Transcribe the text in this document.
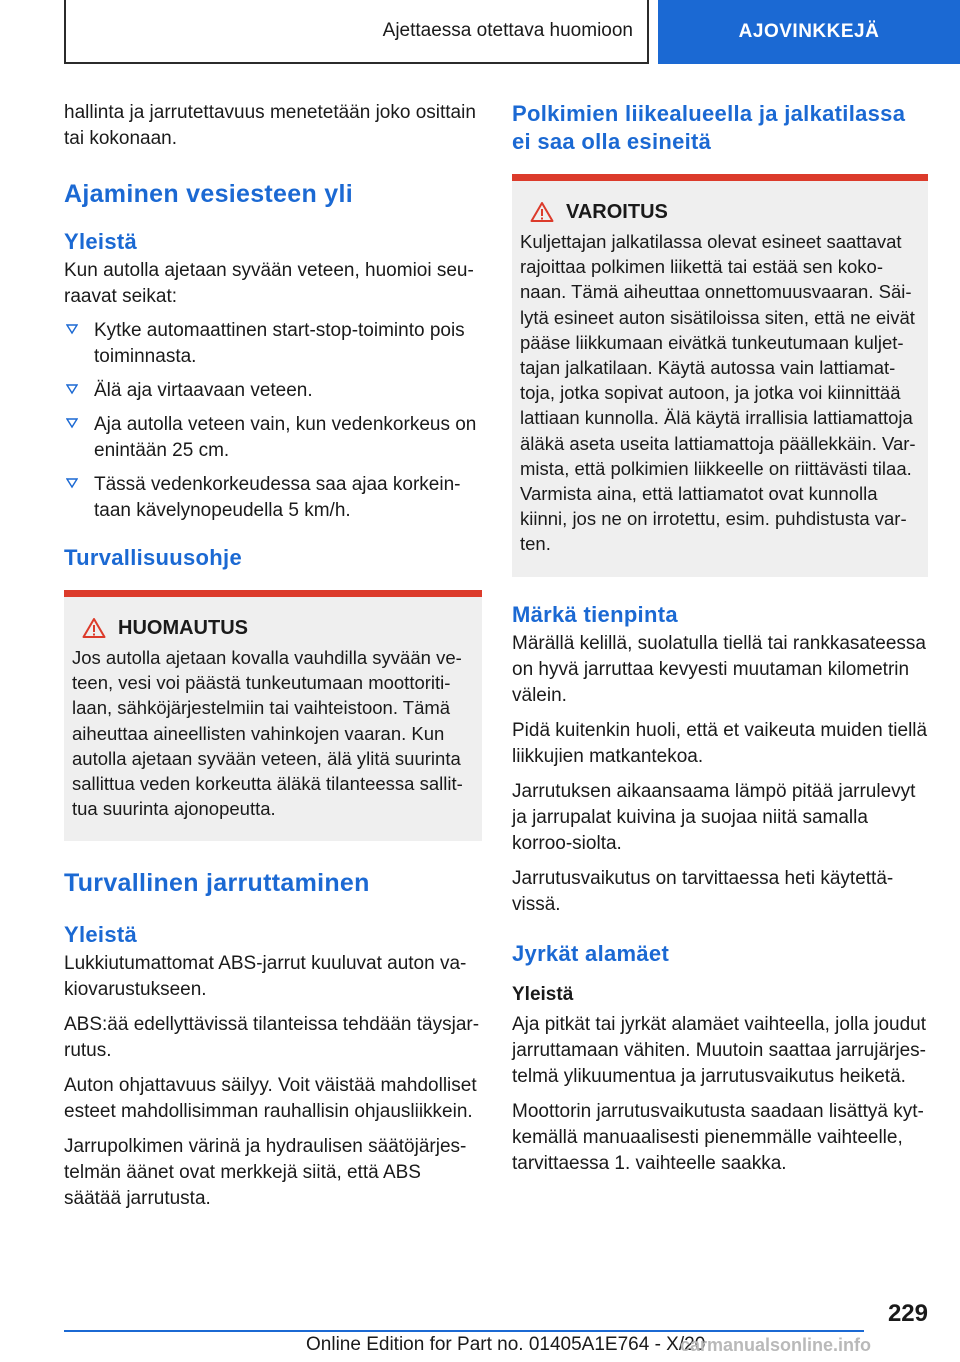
Ajettaessa otettava huomioon	AJOVINKKEJÄ

hallinta ja jarrutettavuus menetetään joko osittain tai kokonaan.

Ajaminen vesiesteen yli
Yleistä

Kun autolla ajetaan syvään veteen, huomioi seu-raavat seikat:

Kytke automaattinen start-stop-toiminto pois toiminnasta.
Älä aja virtaavaan veteen.
Aja autolla veteen vain, kun vedenkorkeus on enintään 25 cm.
Tässä vedenkorkeudessa saa ajaa korkein-taan kävelynopeudella 5 km/h.
Turvallisuusohje
HUOMAUTUS

Jos autolla ajetaan kovalla vauhdilla syvään ve-teen, vesi voi päästä tunkeutumaan moottoriti-laan, sähköjärjestelmiin tai vaihteistoon. Tämä aiheuttaa aineellisten vahinkojen vaaran. Kun autolla ajetaan syvään veteen, älä ylitä suurinta sallittua veden korkeutta äläkä tilanteessa sallit-tua suurinta ajonopeutta.

Turvallinen jarruttaminen
Yleistä

Lukkiutumattomat ABS-jarrut kuuluvat auton va-kiovarustukseen.

ABS:ää edellyttävissä tilanteissa tehdään täysjar-rutus.

Auton ohjattavuus säilyy. Voit väistää mahdolliset esteet mahdollisimman rauhallisin ohjausliikkein.

Jarrupolkimen värinä ja hydraulisen säätöjärjes-telmän äänet ovat merkkejä siitä, että ABS säätää jarrutusta.

Polkimien liikealueella ja jalkatilassa ei saa olla esineitä
VAROITUS

Kuljettajan jalkatilassa olevat esineet saattavat rajoittaa polkimen liikettä tai estää sen koko-naan. Tämä aiheuttaa onnettomuusvaaran. Säi-lytä esineet auton sisätiloissa siten, että ne eivät pääse liikkumaan eivätkä tunkeutumaan kuljet-tajan jalkatilaan. Käytä autossa vain lattiamat-toja, jotka sopivat autoon, ja jotka voi kiinnittää lattiaan kunnolla. Älä käytä irrallisia lattiamattoja äläkä aseta useita lattiamattoja päällekkäin. Var-mista, että polkimien liikkeelle on riittävästi tilaa. Varmista aina, että lattiamatot ovat kunnolla kiinni, jos ne on irrotettu, esim. puhdistusta var-ten.

Märkä tienpinta

Märällä kelillä, suolatulla tiellä tai rankkasateessa on hyvä jarruttaa kevyesti muutaman kilometrin välein.

Pidä kuitenkin huoli, että et vaikeuta muiden tiellä liikkujien matkantekoa.

Jarrutuksen aikaansaama lämpö pitää jarrulevyt ja jarrupalat kuivina ja suojaa niitä samalla korroo-siolta.

Jarrutusvaikutus on tarvittaessa heti käytettä-vissä.

Jyrkät alamäet
Yleistä

Aja pitkät tai jyrkät alamäet vaihteella, jolla joudut jarruttamaan vähiten. Muutoin saattaa jarrujärjes-telmä ylikuumentua ja jarrutusvaikutus heiketä.

Moottorin jarrutusvaikutusta saadaan lisättyä kyt-kemällä manuaalisesti pienemmälle vaihteelle, tarvittaessa 1. vaihteelle saakka.

229
Online Edition for Part no. 01405A1E764 - X/20
carmanualsonline.info
